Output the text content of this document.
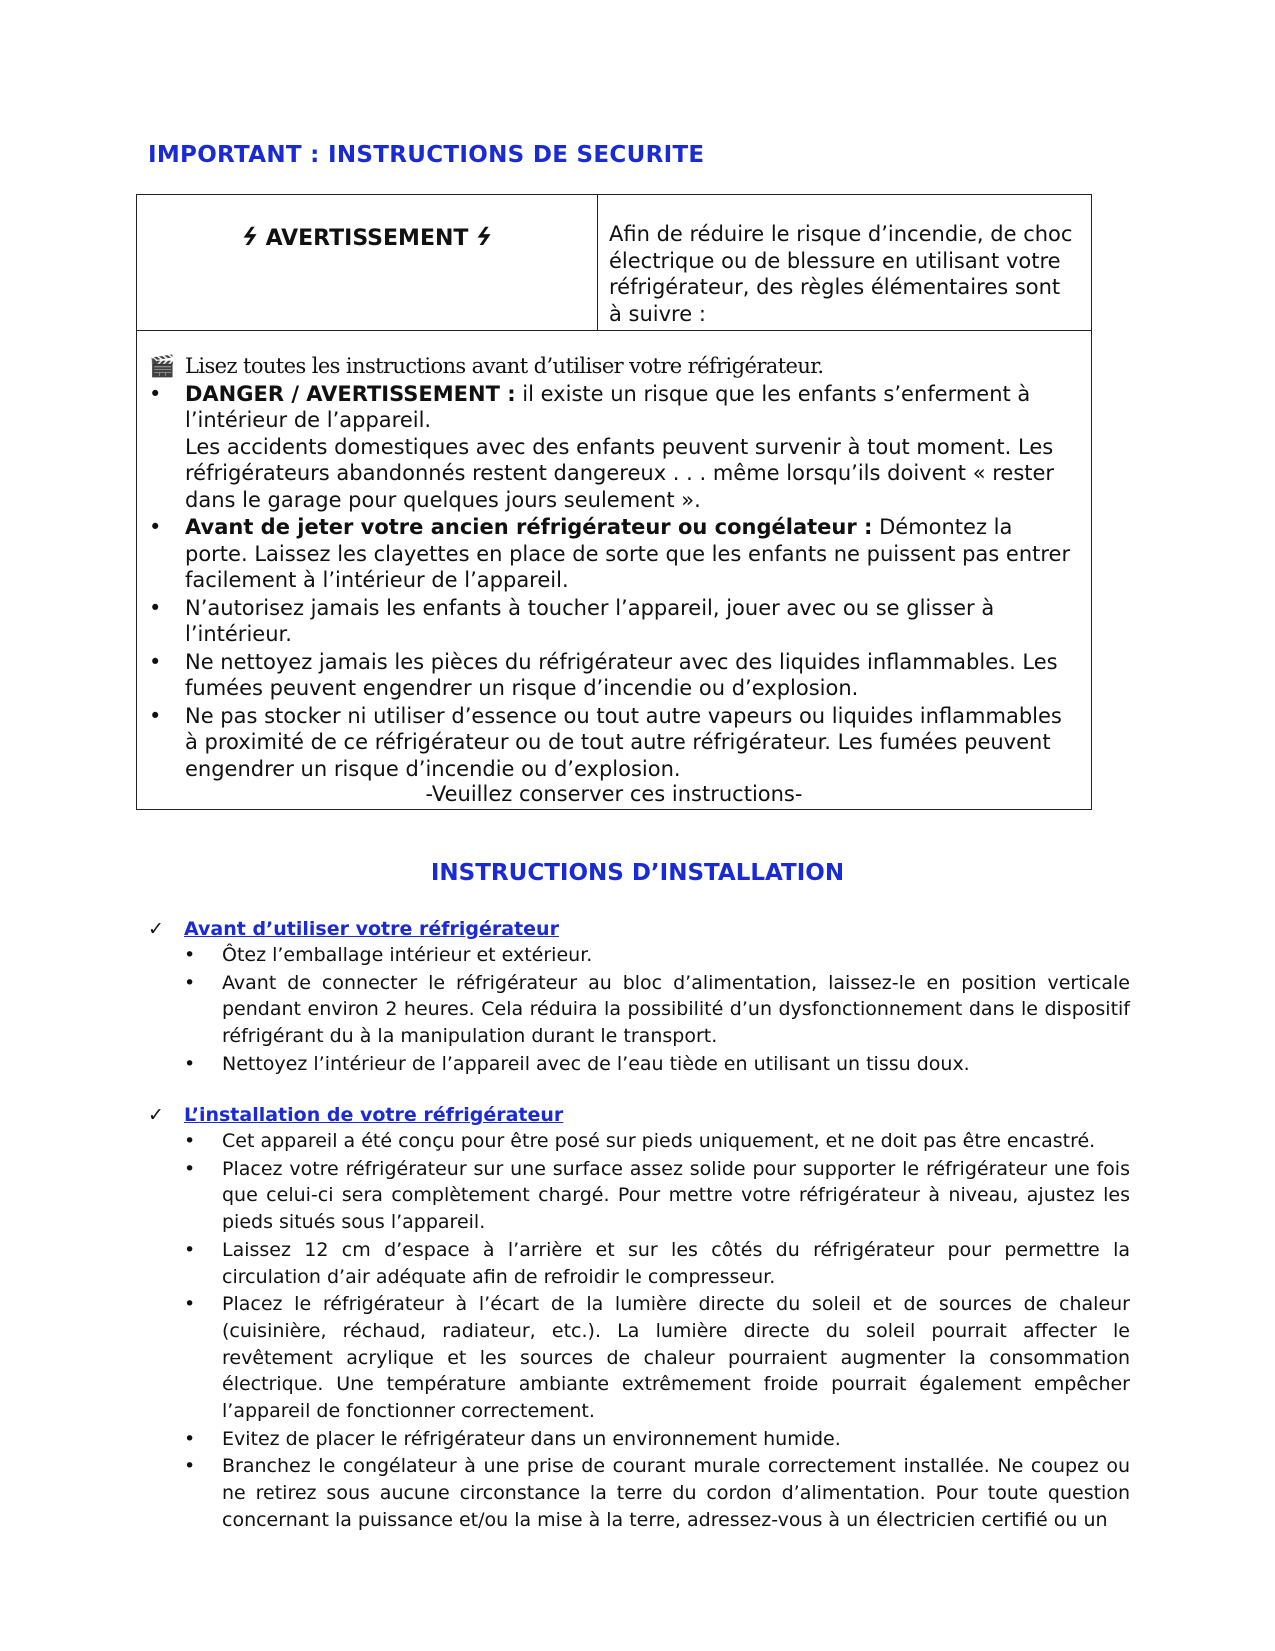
IMPORTANT : INSTRUCTIONS DE SECURITE
ϟ AVERTISSEMENT ϟ	Afin de réduire le risque d’incendie, de choc électrique ou de blessure en utilisant votre réfrigérateur, des règles élémentaires sont à suivre :
🎬 Lisez toutes les instructions avant d’utiliser votre réfrigérateur.
•	DANGER / AVERTISSEMENT : il existe un risque que les enfants s’enferment à l’intérieur de l’appareil.
Les accidents domestiques avec des enfants peuvent survenir à tout moment. Les réfrigérateurs abandonnés restent dangereux . . . même lorsqu’ils doivent « rester dans le garage pour quelques jours seulement ».
•	Avant de jeter votre ancien réfrigérateur ou congélateur : Démontez la porte. Laissez les clayettes en place de sorte que les enfants ne puissent pas entrer facilement à l’intérieur de l’appareil.
•	N’autorisez jamais les enfants à toucher l’appareil, jouer avec ou se glisser à l’intérieur.
•	Ne nettoyez jamais les pièces du réfrigérateur avec des liquides inflammables. Les fumées peuvent engendrer un risque d’incendie ou d’explosion.
•	Ne pas stocker ni utiliser d’essence ou tout autre vapeurs ou liquides inflammables à proximité de ce réfrigérateur ou de tout autre réfrigérateur. Les fumées peuvent engendrer un risque d’incendie ou d’explosion.
-Veuillez conserver ces instructions-
INSTRUCTIONS D’INSTALLATION
✓ Avant d’utiliser votre réfrigérateur
•	Ôtez l’emballage intérieur et extérieur.
•	Avant de connecter le réfrigérateur au bloc d’alimentation, laissez-le en position verticale pendant environ 2 heures. Cela réduira la possibilité d’un dysfonctionnement dans le dispositif réfrigérant du à la manipulation durant le transport.
•	Nettoyez l’intérieur de l’appareil avec de l’eau tiède en utilisant un tissu doux.
✓ L’installation de votre réfrigérateur
•	Cet appareil a été conçu pour être posé sur pieds uniquement, et ne doit pas être encastré.
•	Placez votre réfrigérateur sur une surface assez solide pour supporter le réfrigérateur une fois que celui-ci sera complètement chargé. Pour mettre votre réfrigérateur à niveau, ajustez les pieds situés sous l’appareil.
•	Laissez 12 cm d’espace à l’arrière et sur les côtés du réfrigérateur pour permettre la circulation d’air adéquate afin de refroidir le compresseur.
•	Placez le réfrigérateur à l’écart de la lumière directe du soleil et de sources de chaleur (cuisinière, réchaud, radiateur, etc.). La lumière directe du soleil pourrait affecter le revêtement acrylique et les sources de chaleur pourraient augmenter la consommation électrique. Une température ambiante extrêmement froide pourrait également empêcher l’appareil de fonctionner correctement.
•	Evitez de placer le réfrigérateur dans un environnement humide.
•	Branchez le congélateur à une prise de courant murale correctement installée. Ne coupez ou ne retirez sous aucune circonstance la terre du cordon d’alimentation. Pour toute question concernant la puissance et/ou la mise à la terre, adressez-vous à un électricien certifié ou un
